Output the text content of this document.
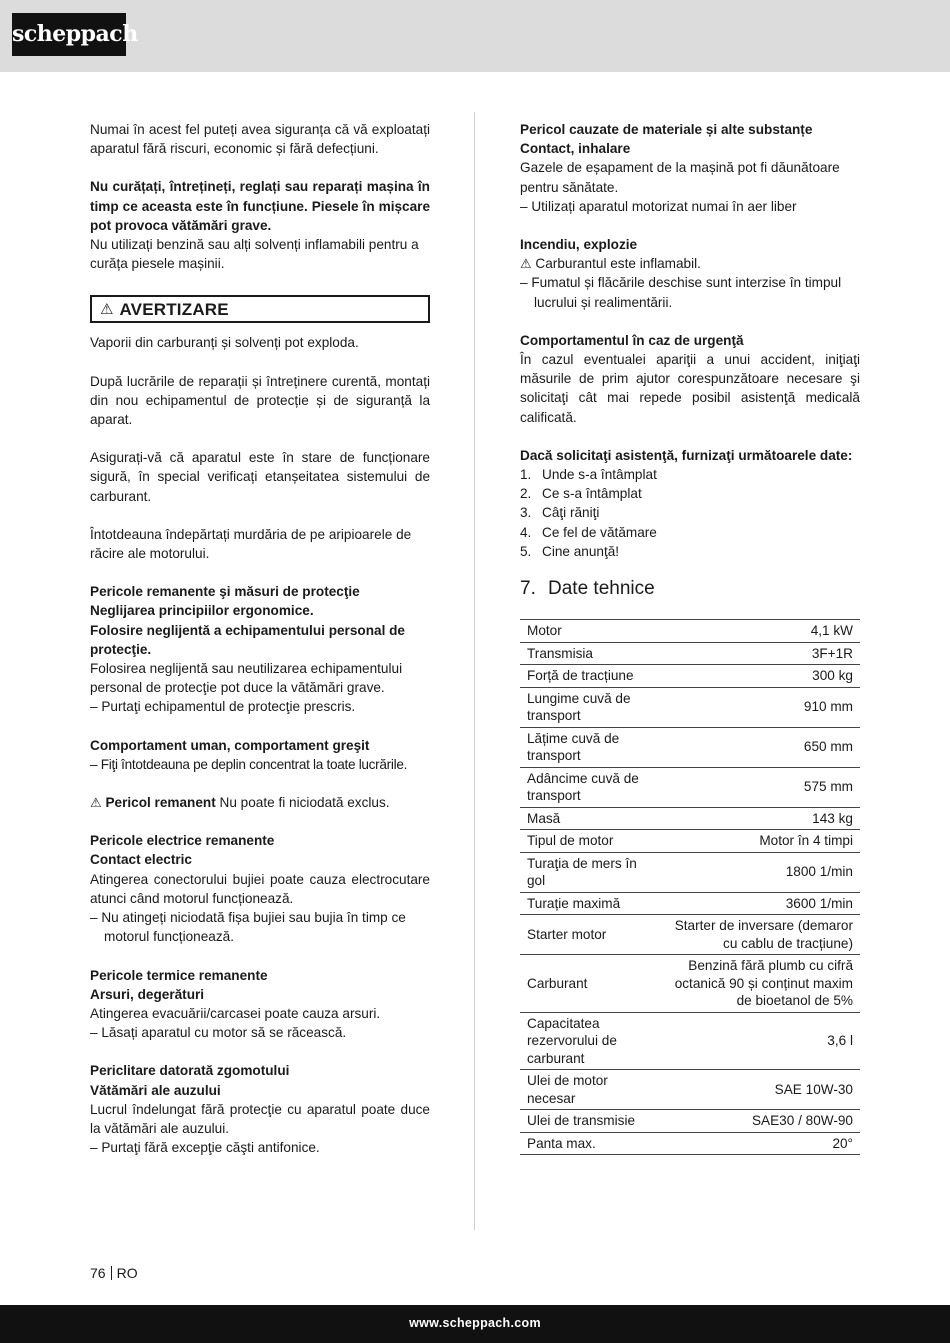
scheppach

Numai în acest fel puteți avea siguranța că vă exploatați aparatul fără riscuri, economic și fără defecțiuni.

Nu curățați, întrețineți, reglați sau reparați mașina în timp ce aceasta este în funcțiune. Piesele în mișcare pot provoca vătămări grave.

Nu utilizați benzină sau alți solvenți inflamabili pentru a curăța piesele mașinii.

⚠ AVERTIZARE

Vaporii din carburanți și solvenți pot exploda.

După lucrările de reparații și întreținere curentă, montați din nou echipamentul de protecție și de siguranță la aparat.

Asigurați-vă că aparatul este în stare de funcționare sigură, în special verificați etanșeitatea sistemului de carburant.

Întotdeauna îndepărtați murdăria de pe aripioarele de răcire ale motorului.

Pericole remanente şi măsuri de protecţie

Neglijarea principiilor ergonomice.

Folosire neglijentă a echipamentului personal de protecţie.

Folosirea neglijentă sau neutilizarea echipamentului personal de protecţie pot duce la vătămări grave.

– Purtaţi echipamentul de protecţie prescris.

Comportament uman, comportament greşit

– Fiţi întotdeauna pe deplin concentrat la toate lucrările.

⚠ Pericol remanent Nu poate fi niciodată exclus.

Pericole electrice remanente

Contact electric

Atingerea conectorului bujiei poate cauza electrocutare atunci când motorul funcționează.

– Nu atingeți niciodată fișa bujiei sau bujia în timp ce motorul funcționează.

Pericole termice remanente

Arsuri, degerături

Atingerea evacuării/carcasei poate cauza arsuri.

– Lăsați aparatul cu motor să se răcească.

Periclitare datorată zgomotului

Vătămări ale auzului

Lucrul îndelungat fără protecţie cu aparatul poate duce la vătămări ale auzului.

– Purtaţi fără excepţie căşti antifonice.

Pericol cauzate de materiale și alte substanțe

Contact, inhalare

Gazele de eșapament de la mașină pot fi dăunătoare pentru sănătate.

– Utilizați aparatul motorizat numai în aer liber

Incendiu, explozie

⚠ Carburantul este inflamabil.

– Fumatul și flăcările deschise sunt interzise în timpul lucrului și realimentării.

Comportamentul în caz de urgenţă

În cazul eventualei apariţii a unui accident, iniţiaţi măsurile de prim ajutor corespunzătoare necesare şi solicitaţi cât mai repede posibil asistenţă medicală calificată.

Dacă solicitaţi asistenţă, furnizaţi următoarele date:

1. Unde s-a întâmplat
2. Ce s-a întâmplat
3. Câţi răniţi
4. Ce fel de vătămare
5. Cine anunţă!
7. Date tehnice
Motor	4,1 kW
Transmisia	3F+1R
Forță de tracțiune	300 kg
Lungime cuvă de transport	910 mm
Lățime cuvă de transport	650 mm
Adâncime cuvă de transport	575 mm
Masă	143 kg
Tipul de motor	Motor în 4 timpi
Turaţia de mers în gol	1800 1/min
Turație maximă	3600 1/min
Starter motor	Starter de inversare (demaror cu cablu de tracțiune)
Carburant	Benzină fără plumb cu cifră octanică 90 și conținut maxim de bioetanol de 5%
Capacitatea rezervorului de carburant	3,6 l
Ulei de motor necesar	SAE 10W-30
Ulei de transmisie	SAE30 / 80W-90
Panta max.	20°
76 RO
www.scheppach.com
